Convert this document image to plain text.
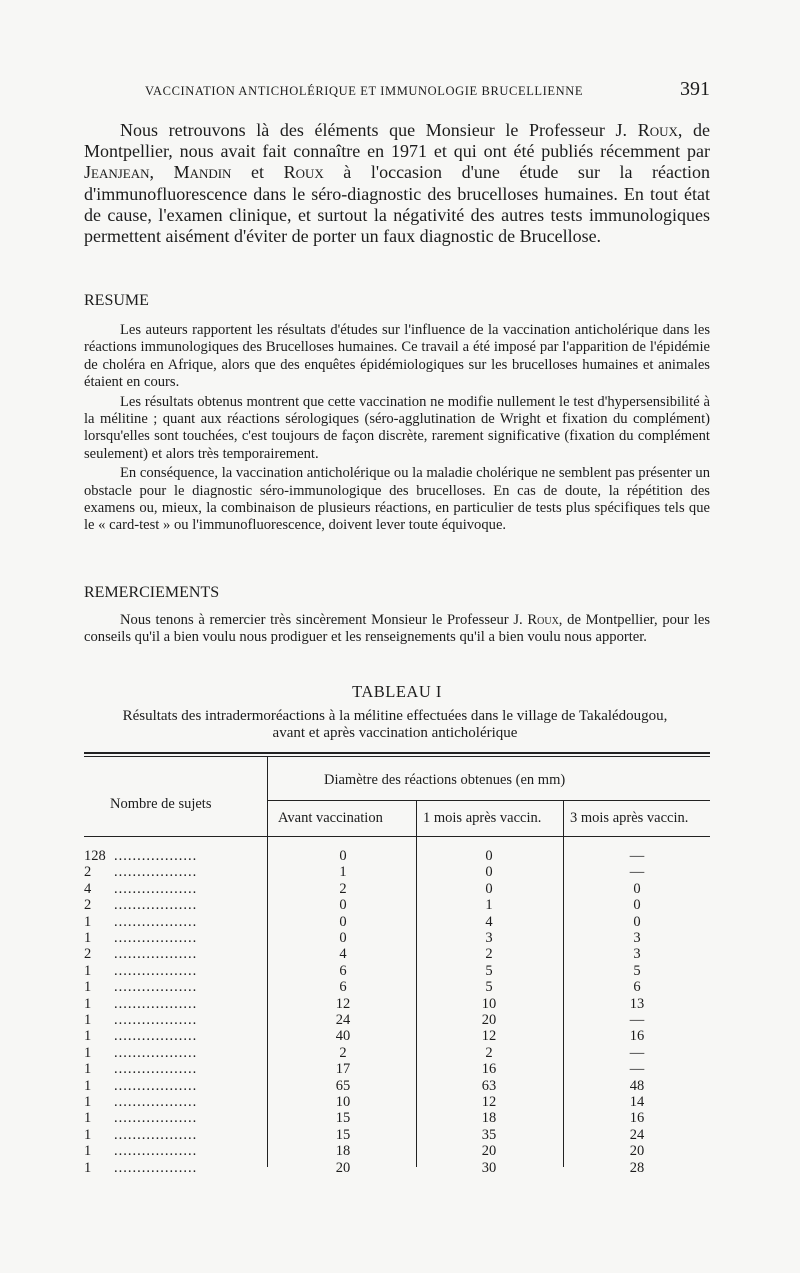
VACCINATION ANTICHOLÉRIQUE ET IMMUNOLOGIE BRUCELLIENNE	391

Nous retrouvons là des éléments que Monsieur le Professeur J. Roux, de Montpellier, nous avait fait connaître en 1971 et qui ont été publiés récemment par Jeanjean, Mandin et Roux à l'occasion d'une étude sur la réaction d'immunofluorescence dans le séro-diagnostic des brucelloses humaines. En tout état de cause, l'examen clinique, et surtout la négativité des autres tests immunologiques permettent aisément d'éviter de porter un faux diagnostic de Brucellose.

RESUME

Les auteurs rapportent les résultats d'études sur l'influence de la vaccination anticholérique dans les réactions immunologiques des Brucelloses humaines. Ce travail a été imposé par l'apparition de l'épidémie de choléra en Afrique, alors que des enquêtes épidémiologiques sur les brucelloses humaines et animales étaient en cours.

Les résultats obtenus montrent que cette vaccination ne modifie nullement le test d'hypersensibilité à la mélitine ; quant aux réactions sérologiques (séro-agglutination de Wright et fixation du complément) lorsqu'elles sont touchées, c'est toujours de façon discrète, rarement significative (fixation du complément seulement) et alors très temporairement.

En conséquence, la vaccination anticholérique ou la maladie cholérique ne semblent pas présenter un obstacle pour le diagnostic séro-immunologique des brucelloses. En cas de doute, la répétition des examens ou, mieux, la combinaison de plusieurs réactions, en particulier de tests plus spécifiques tels que le « card-test » ou l'immunofluorescence, doivent lever toute équivoque.

REMERCIEMENTS

Nous tenons à remercier très sincèrement Monsieur le Professeur J. Roux, de Montpellier, pour les conseils qu'il a bien voulu nous prodiguer et les renseignements qu'il a bien voulu nous apporter.

TABLEAU I

Résultats des intradermoréactions à la mélitine effectuées dans le village de Takalédougou, avant et après vaccination anticholérique

Nombre de sujets
Diamètre des réactions obtenues (en mm)
Avant vaccination	1 mois après vaccin. 3 mois après vaccin.
128 ..................	0	0	—
2	..................	1	0	—
4	..................	2	0	0
2	..................	0	1	0
1	..................	0	4	0
1	..................	0	3	3
2	..................	4	2	3
1	..................	6	5	5
1	..................	6	5	6
1	..................	12	10	13
1	..................	24	20	—
1	..................	40	12	16
1	..................	2	2	—
1	..................	17	16	—
1	..................	65	63	48
1	..................	10	12	14
1	..................	15	18	16
1	..................	15	35	24
1	..................	18	20	20
1	..................	20	30	28
